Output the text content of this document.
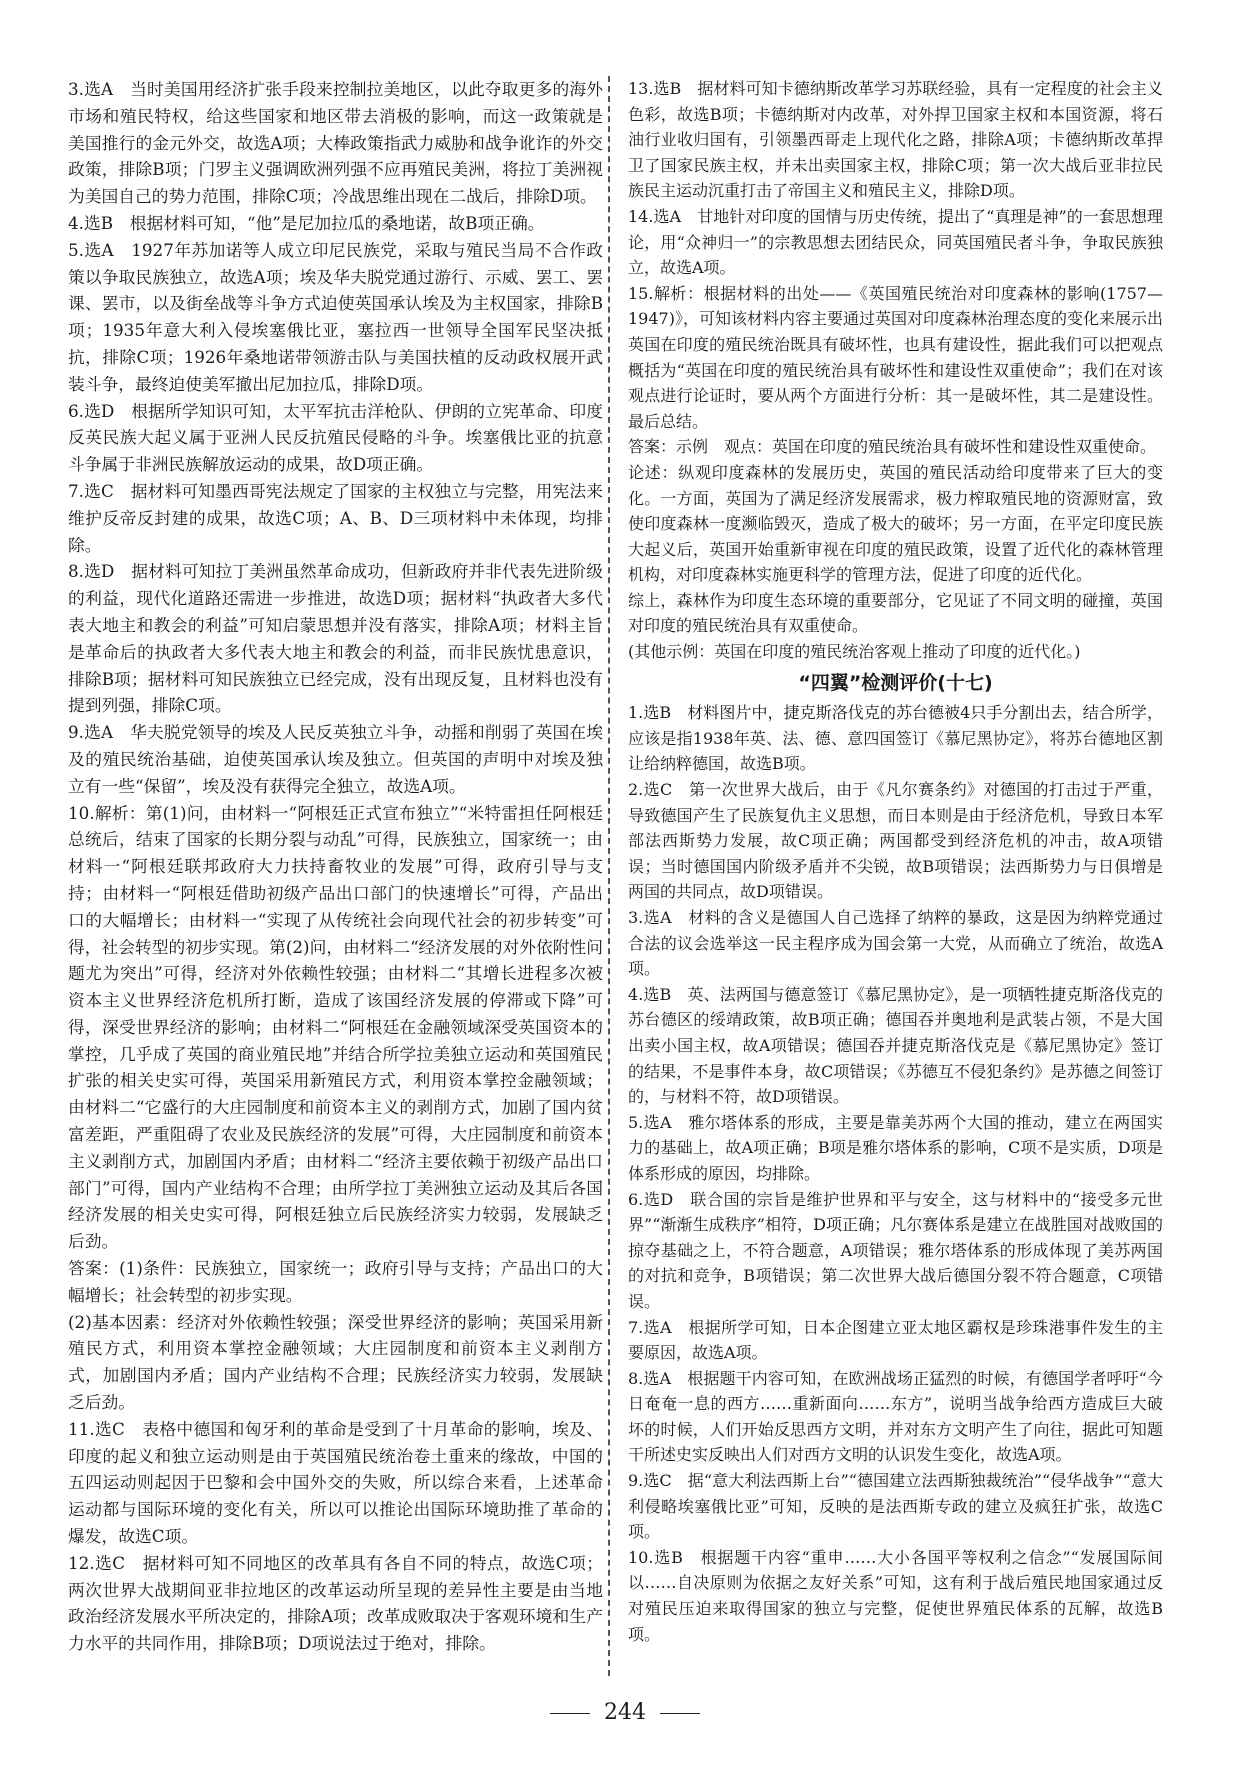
3.选A　当时美国用经济扩张手段来控制拉美地区，以此夺取更多的海外市场和殖民特权，给这些国家和地区带去消极的影响，而这一政策就是美国推行的金元外交，故选A项；大棒政策指武力威胁和战争讹诈的外交政策，排除B项；门罗主义强调欧洲列强不应再殖民美洲，将拉丁美洲视为美国自己的势力范围，排除C项；冷战思维出现在二战后，排除D项。

4.选B　根据材料可知，“他”是尼加拉瓜的桑地诺，故B项正确。

5.选A　1927年苏加诺等人成立印尼民族党，采取与殖民当局不合作政策以争取民族独立，故选A项；埃及华夫脱党通过游行、示威、罢工、罢课、罢市，以及街垒战等斗争方式迫使英国承认埃及为主权国家，排除B项；1935年意大利入侵埃塞俄比亚，塞拉西一世领导全国军民坚决抵抗，排除C项；1926年桑地诺带领游击队与美国扶植的反动政权展开武装斗争，最终迫使美军撤出尼加拉瓜，排除D项。

6.选D　根据所学知识可知，太平军抗击洋枪队、伊朗的立宪革命、印度反英民族大起义属于亚洲人民反抗殖民侵略的斗争。埃塞俄比亚的抗意斗争属于非洲民族解放运动的成果，故D项正确。

7.选C　据材料可知墨西哥宪法规定了国家的主权独立与完整，用宪法来维护反帝反封建的成果，故选C项；A、B、D三项材料中未体现，均排除。

8.选D　据材料可知拉丁美洲虽然革命成功，但新政府并非代表先进阶级的利益，现代化道路还需进一步推进，故选D项；据材料“执政者大多代表大地主和教会的利益”可知启蒙思想并没有落实，排除A项；材料主旨是革命后的执政者大多代表大地主和教会的利益，而非民族忧患意识，排除B项；据材料可知民族独立已经完成，没有出现反复，且材料也没有提到列强，排除C项。

9.选A　华夫脱党领导的埃及人民反英独立斗争，动摇和削弱了英国在埃及的殖民统治基础，迫使英国承认埃及独立。但英国的声明中对埃及独立有一些“保留”，埃及没有获得完全独立，故选A项。

10.解析：第(1)问，由材料一“阿根廷正式宣布独立”“米特雷担任阿根廷总统后，结束了国家的长期分裂与动乱”可得，民族独立，国家统一；由材料一“阿根廷联邦政府大力扶持畜牧业的发展”可得，政府引导与支持；由材料一“阿根廷借助初级产品出口部门的快速增长”可得，产品出口的大幅增长；由材料一“实现了从传统社会向现代社会的初步转变”可得，社会转型的初步实现。第(2)问，由材料二“经济发展的对外依附性问题尤为突出”可得，经济对外依赖性较强；由材料二“其增长进程多次被资本主义世界经济危机所打断，造成了该国经济发展的停滞或下降”可得，深受世界经济的影响；由材料二“阿根廷在金融领域深受英国资本的掌控，几乎成了英国的商业殖民地”并结合所学拉美独立运动和英国殖民扩张的相关史实可得，英国采用新殖民方式，利用资本掌控金融领域；由材料二“它盛行的大庄园制度和前资本主义的剥削方式，加剧了国内贫富差距，严重阻碍了农业及民族经济的发展”可得，大庄园制度和前资本主义剥削方式，加剧国内矛盾；由材料二“经济主要依赖于初级产品出口部门”可得，国内产业结构不合理；由所学拉丁美洲独立运动及其后各国经济发展的相关史实可得，阿根廷独立后民族经济实力较弱，发展缺乏后劲。

答案：(1)条件：民族独立，国家统一；政府引导与支持；产品出口的大幅增长；社会转型的初步实现。

(2)基本因素：经济对外依赖性较强；深受世界经济的影响；英国采用新殖民方式，利用资本掌控金融领域；大庄园制度和前资本主义剥削方式，加剧国内矛盾；国内产业结构不合理；民族经济实力较弱，发展缺乏后劲。

11.选C　表格中德国和匈牙利的革命是受到了十月革命的影响，埃及、印度的起义和独立运动则是由于英国殖民统治卷土重来的缘故，中国的五四运动则起因于巴黎和会中国外交的失败，所以综合来看，上述革命运动都与国际环境的变化有关，所以可以推论出国际环境助推了革命的爆发，故选C项。

12.选C　据材料可知不同地区的改革具有各自不同的特点，故选C项；两次世界大战期间亚非拉地区的改革运动所呈现的差异性主要是由当地政治经济发展水平所决定的，排除A项；改革成败取决于客观环境和生产力水平的共同作用，排除B项；D项说法过于绝对，排除。

13.选B　据材料可知卡德纳斯改革学习苏联经验，具有一定程度的社会主义色彩，故选B项；卡德纳斯对内改革，对外捍卫国家主权和本国资源，将石油行业收归国有，引领墨西哥走上现代化之路，排除A项；卡德纳斯改革捍卫了国家民族主权，并未出卖国家主权，排除C项；第一次大战后亚非拉民族民主运动沉重打击了帝国主义和殖民主义，排除D项。

14.选A　甘地针对印度的国情与历史传统，提出了“真理是神”的一套思想理论，用“众神归一”的宗教思想去团结民众，同英国殖民者斗争，争取民族独立，故选A项。

15.解析：根据材料的出处——《英国殖民统治对印度森林的影响(1757—1947)》，可知该材料内容主要通过英国对印度森林治理态度的变化来展示出英国在印度的殖民统治既具有破坏性，也具有建设性，据此我们可以把观点概括为“英国在印度的殖民统治具有破坏性和建设性双重使命”；我们在对该观点进行论证时，要从两个方面进行分析：其一是破坏性，其二是建设性。最后总结。

答案：示例　观点：英国在印度的殖民统治具有破坏性和建设性双重使命。

论述：纵观印度森林的发展历史，英国的殖民活动给印度带来了巨大的变化。一方面，英国为了满足经济发展需求，极力榨取殖民地的资源财富，致使印度森林一度濒临毁灭，造成了极大的破坏；另一方面，在平定印度民族大起义后，英国开始重新审视在印度的殖民政策，设置了近代化的森林管理机构，对印度森林实施更科学的管理方法，促进了印度的近代化。

综上，森林作为印度生态环境的重要部分，它见证了不同文明的碰撞，英国对印度的殖民统治具有双重使命。

(其他示例：英国在印度的殖民统治客观上推动了印度的近代化。)

“四翼”检测评价(十七)

1.选B　材料图片中，捷克斯洛伐克的苏台德被4只手分割出去，结合所学，应该是指1938年英、法、德、意四国签订《慕尼黑协定》，将苏台德地区割让给纳粹德国，故选B项。

2.选C　第一次世界大战后，由于《凡尔赛条约》对德国的打击过于严重，导致德国产生了民族复仇主义思想，而日本则是由于经济危机，导致日本军部法西斯势力发展，故C项正确；两国都受到经济危机的冲击，故A项错误；当时德国国内阶级矛盾并不尖锐，故B项错误；法西斯势力与日俱增是两国的共同点，故D项错误。

3.选A　材料的含义是德国人自己选择了纳粹的暴政，这是因为纳粹党通过合法的议会选举这一民主程序成为国会第一大党，从而确立了统治，故选A项。

4.选B　英、法两国与德意签订《慕尼黑协定》，是一项牺牲捷克斯洛伐克的苏台德区的绥靖政策，故B项正确；德国吞并奥地利是武装占领，不是大国出卖小国主权，故A项错误；德国吞并捷克斯洛伐克是《慕尼黑协定》签订的结果，不是事件本身，故C项错误；《苏德互不侵犯条约》是苏德之间签订的，与材料不符，故D项错误。

5.选A　雅尔塔体系的形成，主要是靠美苏两个大国的推动，建立在两国实力的基础上，故A项正确；B项是雅尔塔体系的影响，C项不是实质，D项是体系形成的原因，均排除。

6.选D　联合国的宗旨是维护世界和平与安全，这与材料中的“接受多元世界”“渐渐生成秩序”相符，D项正确；凡尔赛体系是建立在战胜国对战败国的掠夺基础之上，不符合题意，A项错误；雅尔塔体系的形成体现了美苏两国的对抗和竞争，B项错误；第二次世界大战后德国分裂不符合题意，C项错误。

7.选A　根据所学可知，日本企图建立亚太地区霸权是珍珠港事件发生的主要原因，故选A项。

8.选A　根据题干内容可知，在欧洲战场正猛烈的时候，有德国学者呼吁“今日奄奄一息的西方……重新面向……东方”，说明当战争给西方造成巨大破坏的时候，人们开始反思西方文明，并对东方文明产生了向往，据此可知题干所述史实反映出人们对西方文明的认识发生变化，故选A项。

9.选C　据“意大利法西斯上台”“德国建立法西斯独裁统治”“侵华战争”“意大利侵略埃塞俄比亚”可知，反映的是法西斯专政的建立及疯狂扩张，故选C项。

10.选B　根据题干内容“重申……大小各国平等权利之信念”“发展国际间以……自决原则为依据之友好关系”可知，这有利于战后殖民地国家通过反对殖民压迫来取得国家的独立与完整，促使世界殖民体系的瓦解，故选B项。

244
